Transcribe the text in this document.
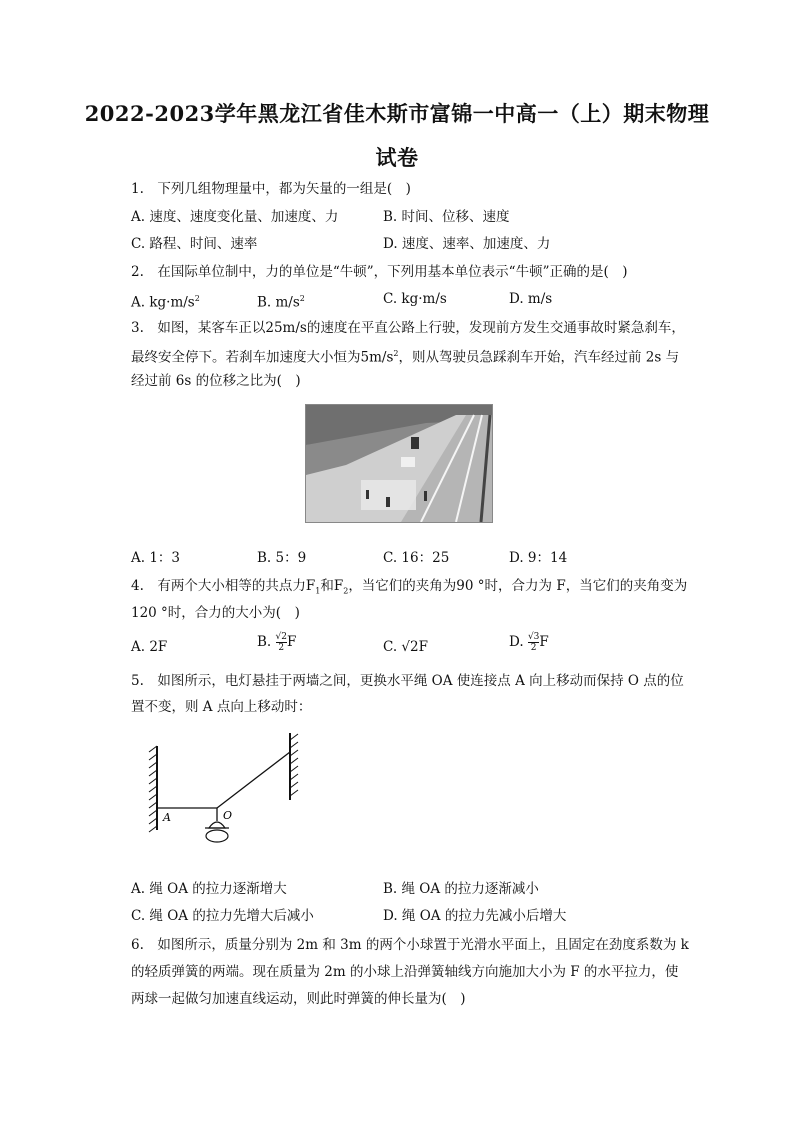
2022-2023学年黑龙江省佳木斯市富锦一中高一（上）期末物理
试卷
1.　下列几组物理量中，都为矢量的一组是(　)
A. 速度、速度变化量、加速度、力	B. 时间、位移、速度
C. 路程、时间、速率	D. 速度、速率、加速度、力
2.　在国际单位制中，力的单位是“牛顿”，下列用基本单位表示“牛顿”正确的是(　)
A. $kg\cdot m/s^2$	B. $m/s^2$	C. kg·m/s	D. m/s
3.　如图，某客车正以25m/s的速度在平直公路上行驶，发现前方发生交通事故时紧急刹车，
最终安全停下。若刹车加速度大小恒为$5m/s^2$，则从驾驶员急踩刹车开始，汽车经过前 2s 与
经过前 6s 的位移之比为(　)
A. 1：3	B. 5：9	C. 16：25	D. 9：14
4.　有两个大小相等的共点力$F_1$和$F_2$，当它们的夹角为90 °时，合力为 F，当它们的夹角变为
120 °时，合力的大小为(　)
A. 2F	B. $\frac{√2}{2}$ F	C. √2F	D. $\frac{√3}{2}$ F
5.　如图所示，电灯悬挂于两墙之间，更换水平绳 OA 使连接点 A 向上移动而保持 O 点的位
置不变，则 A 点向上移动时：
A	O
A. 绳 OA 的拉力逐渐增大	B. 绳 OA 的拉力逐渐减小
C. 绳 OA 的拉力先增大后减小	D. 绳 OA 的拉力先减小后增大
6.　如图所示，质量分别为 2m 和 3m 的两个小球置于光滑水平面上，且固定在劲度系数为 k
的轻质弹簧的两端。现在质量为 2m 的小球上沿弹簧轴线方向施加大小为 F 的水平拉力，使
两球一起做匀加速直线运动，则此时弹簧的伸长量为(　)
